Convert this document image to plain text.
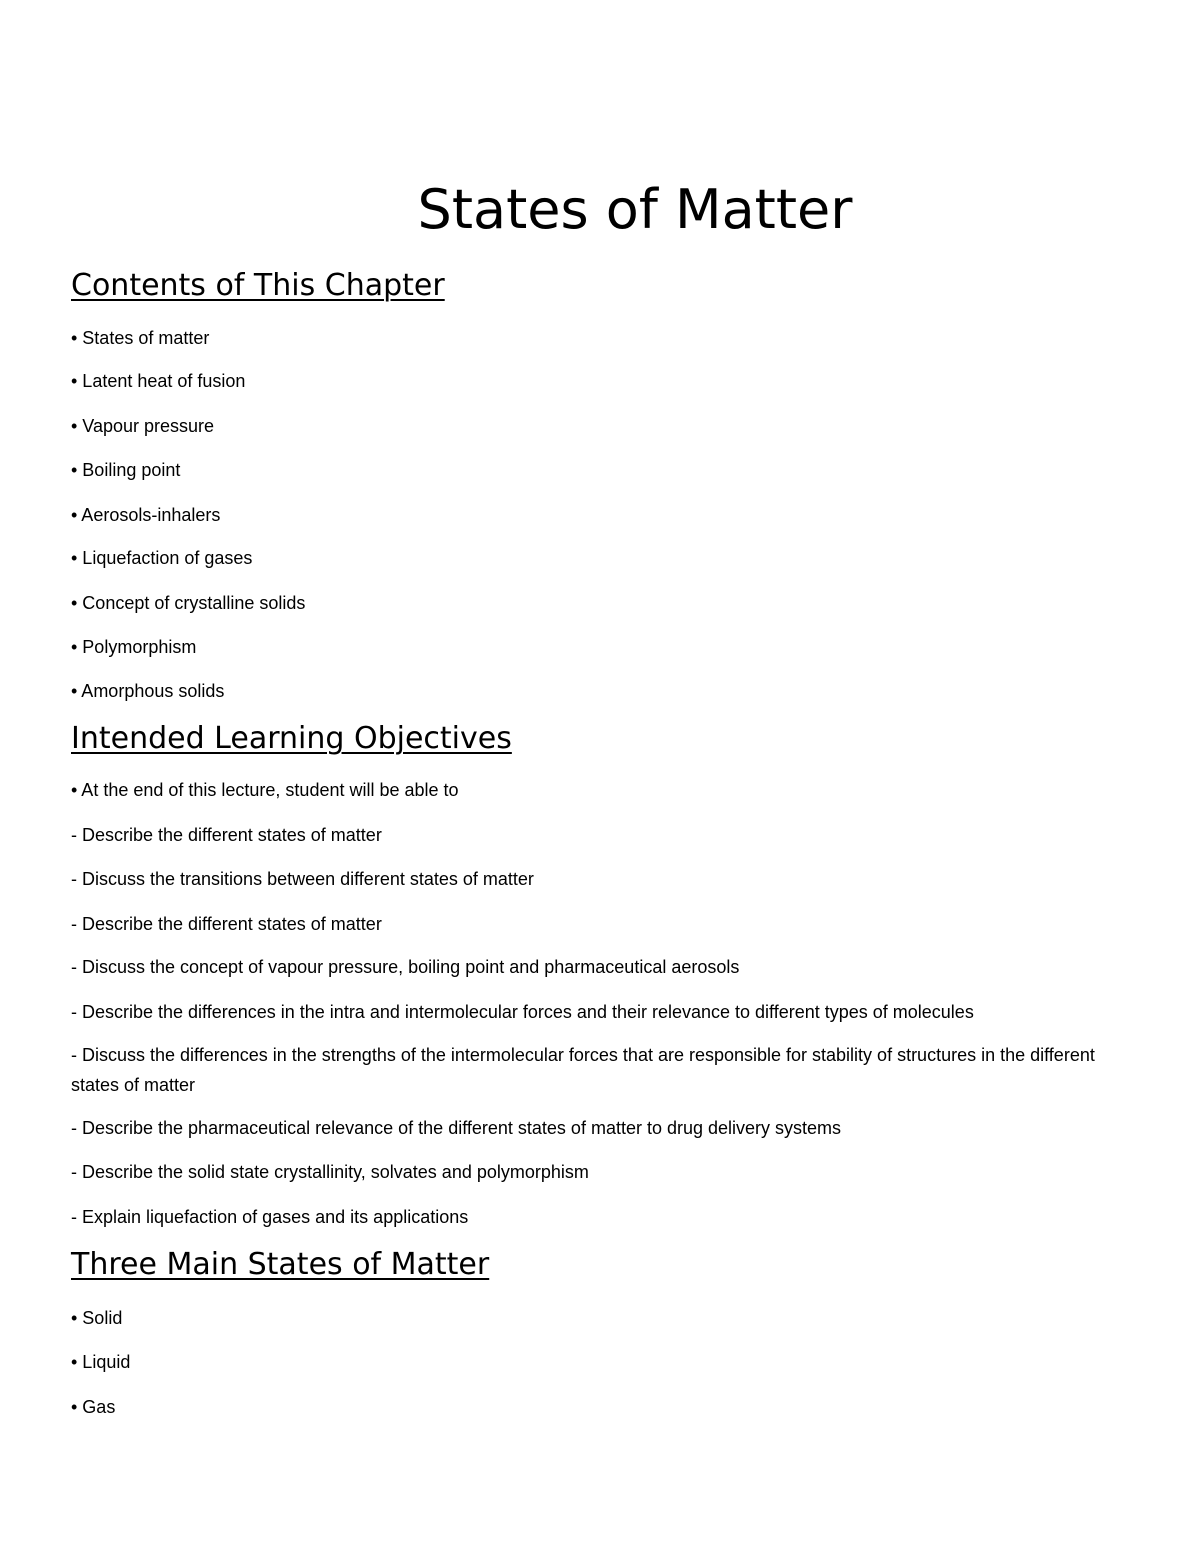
States of Matter
Contents of This Chapter
• States of matter
• Latent heat of fusion
• Vapour pressure
• Boiling point
• Aerosols-inhalers
• Liquefaction of gases
• Concept of crystalline solids
• Polymorphism
• Amorphous solids
Intended Learning Objectives
• At the end of this lecture, student will be able to
- Describe the different states of matter
- Discuss the transitions between different states of matter
- Describe the different states of matter
- Discuss the concept of vapour pressure, boiling point and pharmaceutical aerosols
- Describe the differences in the intra and intermolecular forces and their relevance to different types of molecules
- Discuss the differences in the strengths of the intermolecular forces that are responsible for stability of structures in the different states of matter
- Describe the pharmaceutical relevance of the different states of matter to drug delivery systems
- Describe the solid state crystallinity, solvates and polymorphism
- Explain liquefaction of gases and its applications
Three Main States of Matter
• Solid
• Liquid
• Gas
